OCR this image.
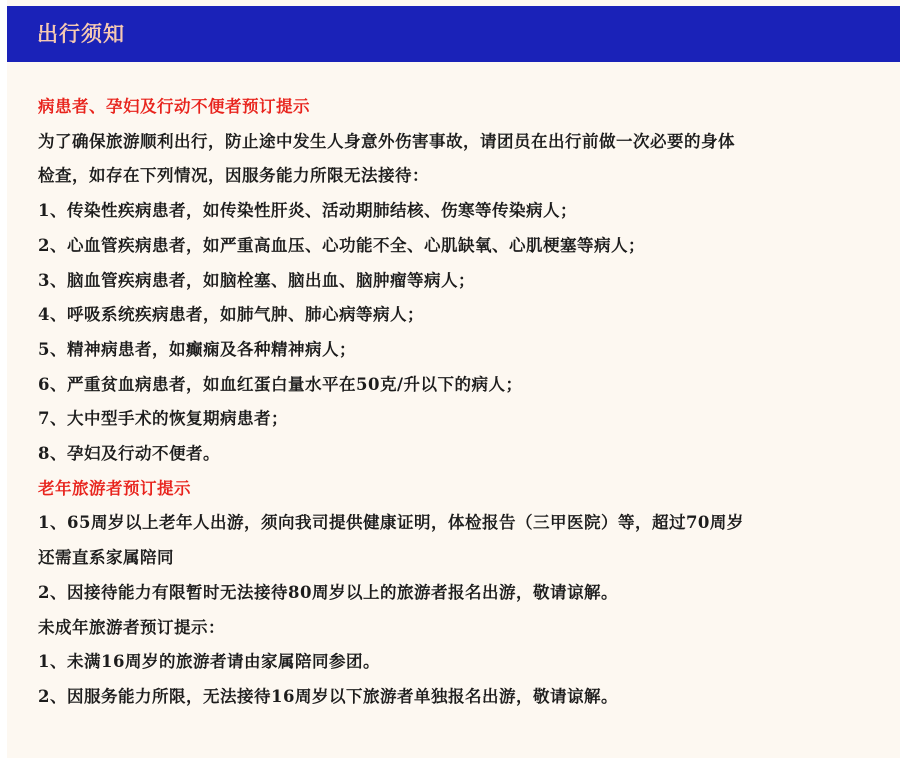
出行须知
病患者、孕妇及行动不便者预订提示
为了确保旅游顺利出行，防止途中发生人身意外伤害事故，请团员在出行前做一次必要的身体
检查，如存在下列情况，因服务能力所限无法接待：
1、传染性疾病患者，如传染性肝炎、活动期肺结核、伤寒等传染病人；
2、心血管疾病患者，如严重高血压、心功能不全、心肌缺氧、心肌梗塞等病人；
3、脑血管疾病患者，如脑栓塞、脑出血、脑肿瘤等病人；
4、呼吸系统疾病患者，如肺气肿、肺心病等病人；
5、精神病患者，如癫痫及各种精神病人；
6、严重贫血病患者，如血红蛋白量水平在50克/升以下的病人；
7、大中型手术的恢复期病患者；
8、孕妇及行动不便者。
老年旅游者预订提示
1、65周岁以上老年人出游，须向我司提供健康证明，体检报告（三甲医院）等，超过70周岁
还需直系家属陪同
2、因接待能力有限暂时无法接待80周岁以上的旅游者报名出游，敬请谅解。
未成年旅游者预订提示：
1、未满16周岁的旅游者请由家属陪同参团。
2、因服务能力所限，无法接待16周岁以下旅游者单独报名出游，敬请谅解。
